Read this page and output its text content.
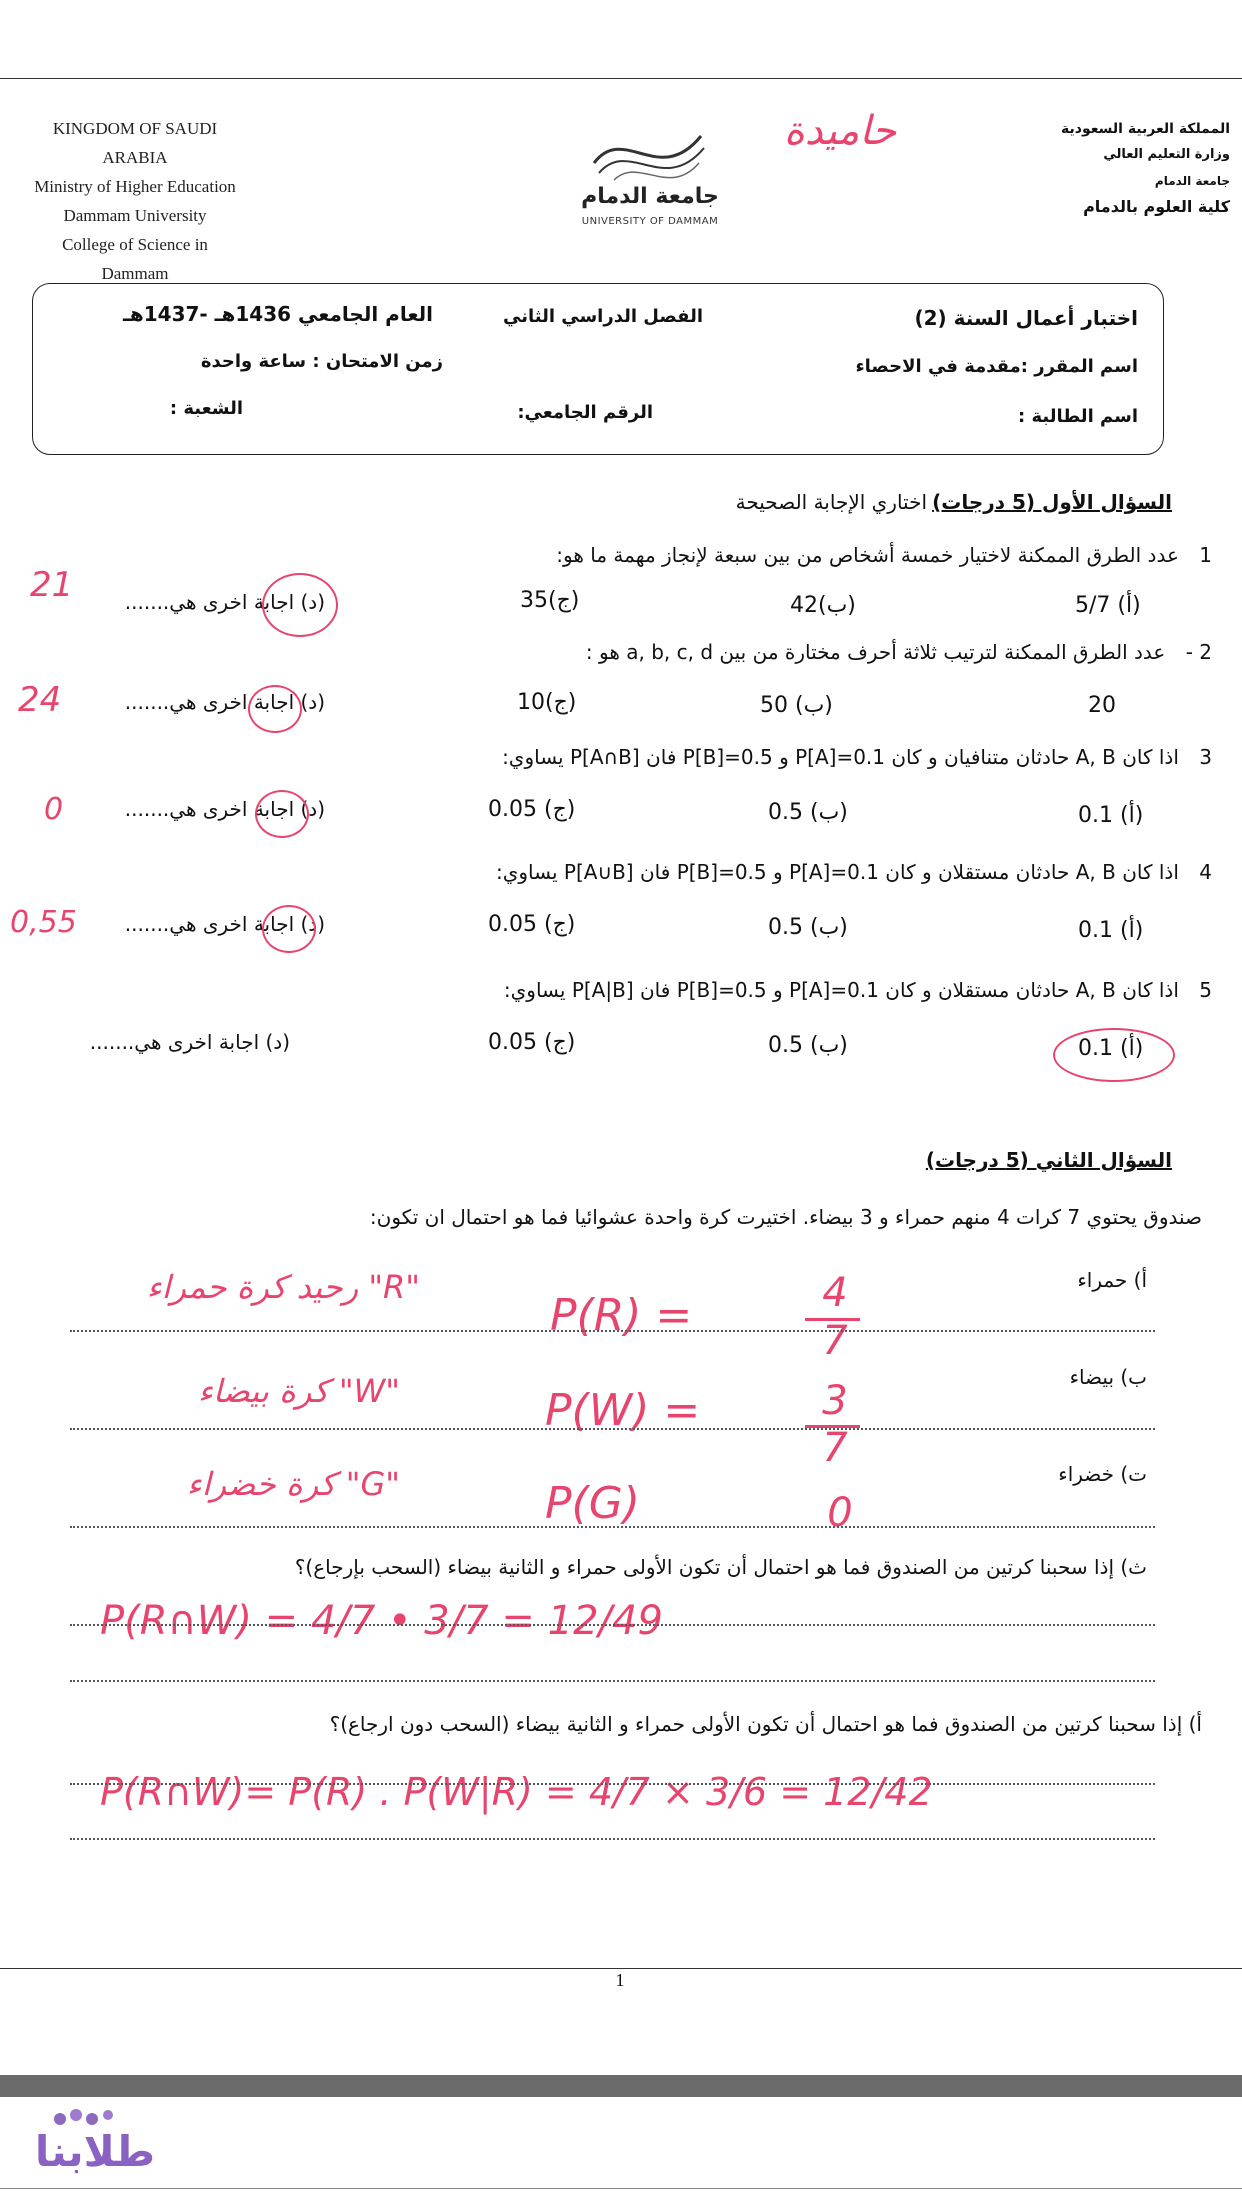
KINGDOM OF SAUDI ARABIA
Ministry of Higher Education
Dammam University
College of Science in
Dammam
جامعة الدمام
UNIVERSITY OF DAMMAM
حاميدة	المملكة العربية السعودية
وزارة التعليم العالي
جامعة الدمام
كلية العلوم بالدمام
اختبار أعمال السنة (2)
الفصل الدراسي الثاني
العام الجامعي 1436هـ -1437هـ
اسم المقرر :مقدمة في الاحصاء
زمن الامتحان : ساعة واحدة
اسم الطالبة :
الرقم الجامعي:
الشعبة :
السؤال الأول (5 درجات) اختاري الإجابة الصحيحة
1 عدد الطرق الممكنة لاختيار خمسة أشخاص من بين سبعة لإنجاز مهمة ما هو:
5/7 (أ)
42(ب)
35(ج)
(د) اجابة اخرى هي.......
21
2 - عدد الطرق الممكنة لترتيب ثلاثة أحرف مختارة من بين a, b, c, d هو :
20
50 (ب)
10(ج)
(د) اجابة اخرى هي.......
24
3 اذا كان A, B حادثان متنافيان و كان P[A]=0.1 و P[B]=0.5 فان P[A∩B] يساوي:
0.1 (أ)
0.5 (ب)
0.05 (ج)
(د) اجابة اخرى هي.......
0
4 اذا كان A, B حادثان مستقلان و كان P[A]=0.1 و P[B]=0.5 فان P[A∪B] يساوي:
0.1 (أ)
0.5 (ب)
0.05 (ج)
(د) اجابة اخرى هي.......
0,55
5 اذا كان A, B حادثان مستقلان و كان P[A]=0.1 و P[B]=0.5 فان P[A|B] يساوي:
0.1 (أ)
0.5 (ب)
0.05 (ج)
(د) اجابة اخرى هي.......
السؤال الثاني (5 درجات)
صندوق يحتوي 7 كرات 4 منهم حمراء و 3 بيضاء. اختيرت كرة واحدة عشوائيا فما هو احتمال ان تكون:
أ) حمراء
"R" رحيد كرة حمراء
P(R) =	4
7
ب) بيضاء
"W" كرة بيضاء	P(W) =	3
7
ت) خضراء
"G" كرة خضراء	P(G)	0
ث) إذا سحبنا كرتين من الصندوق فما هو احتمال أن تكون الأولى حمراء و الثانية بيضاء (السحب بإرجاع)؟
P(R∩W) = 4/7 • 3/7 = 12/49
أ) إذا سحبنا كرتين من الصندوق فما هو احتمال أن تكون الأولى حمراء و الثانية بيضاء (السحب دون ارجاع)؟
P(R∩W)= P(R) . P(W|R) = 4/7 × 3/6 = 12/42
1
طلابنا
